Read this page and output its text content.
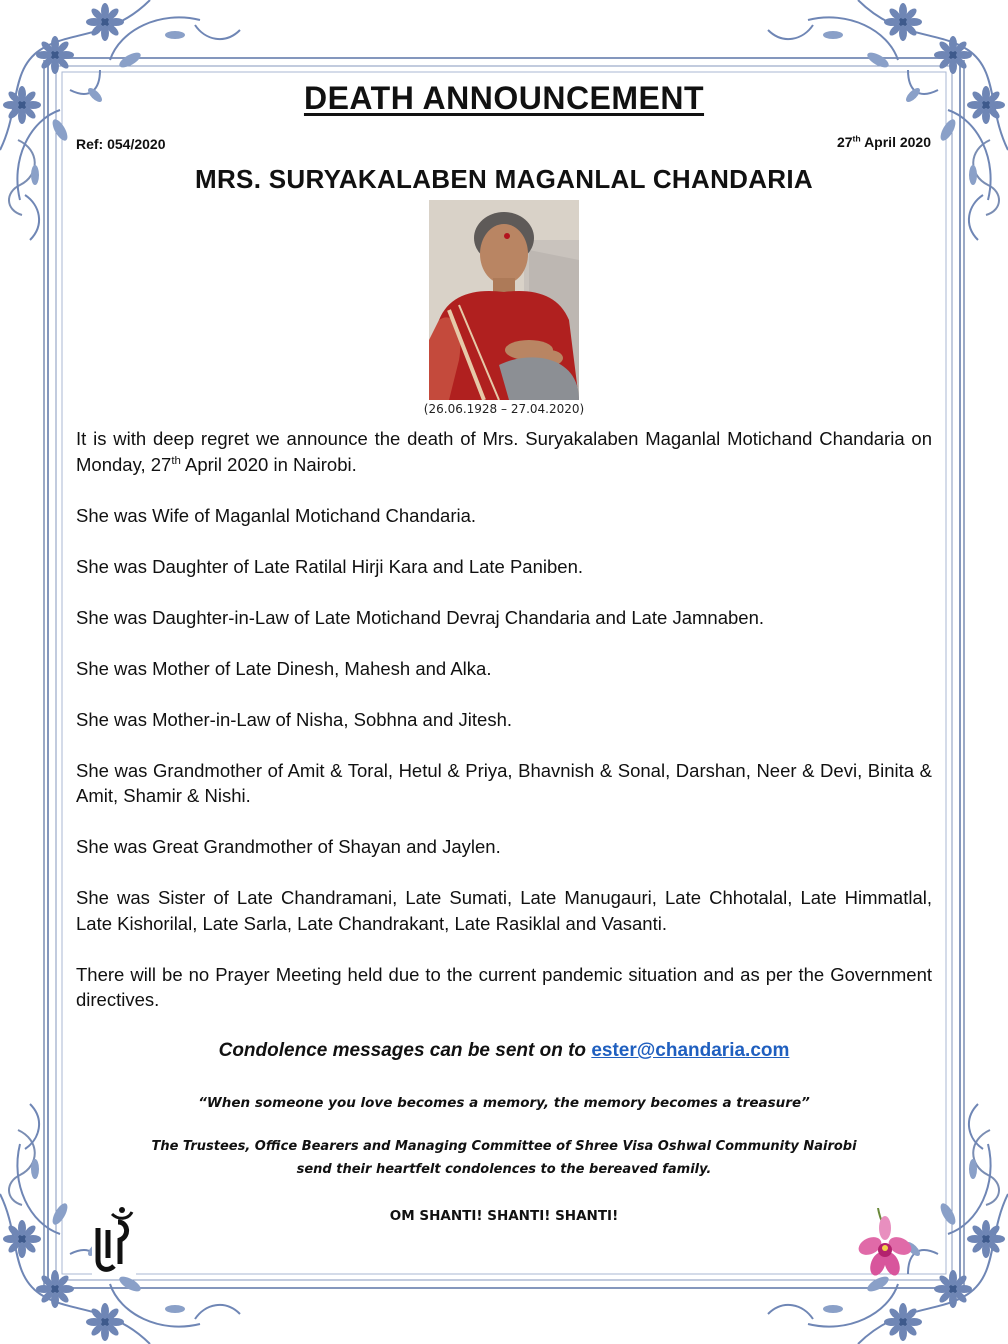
DEATH ANNOUNCEMENT
Ref: 054/2020	27th April 2020
MRS. SURYAKALABEN MAGANLAL CHANDARIA
(26.06.1928 – 27.04.2020)

It is with deep regret we announce the death of Mrs. Suryakalaben Maganlal Motichand Chandaria on Monday, 27th April 2020 in Nairobi.

She was Wife of Maganlal Motichand Chandaria.

She was Daughter of Late Ratilal Hirji Kara and Late Paniben.

She was Daughter-in-Law of Late Motichand Devraj Chandaria and Late Jamnaben.

She was Mother of Late Dinesh, Mahesh and Alka.

She was Mother-in-Law of Nisha, Sobhna and Jitesh.

She was Grandmother of Amit & Toral, Hetul & Priya, Bhavnish & Sonal, Darshan, Neer & Devi, Binita & Amit, Shamir & Nishi.

She was Great Grandmother of Shayan and Jaylen.

She was Sister of Late Chandramani, Late Sumati, Late Manugauri, Late Chhotalal, Late Himmatlal, Late Kishorilal, Late Sarla, Late Chandrakant, Late Rasiklal and Vasanti.

There will be no Prayer Meeting held due to the current pandemic situation and as per the Government directives.

Condolence messages can be sent on to ester@chandaria.com
“When someone you love becomes a memory, the memory becomes a treasure”
The Trustees, Office Bearers and Managing Committee of Shree Visa Oshwal Community Nairobi
send their heartfelt condolences to the bereaved family.
OM SHANTI! SHANTI! SHANTI!
